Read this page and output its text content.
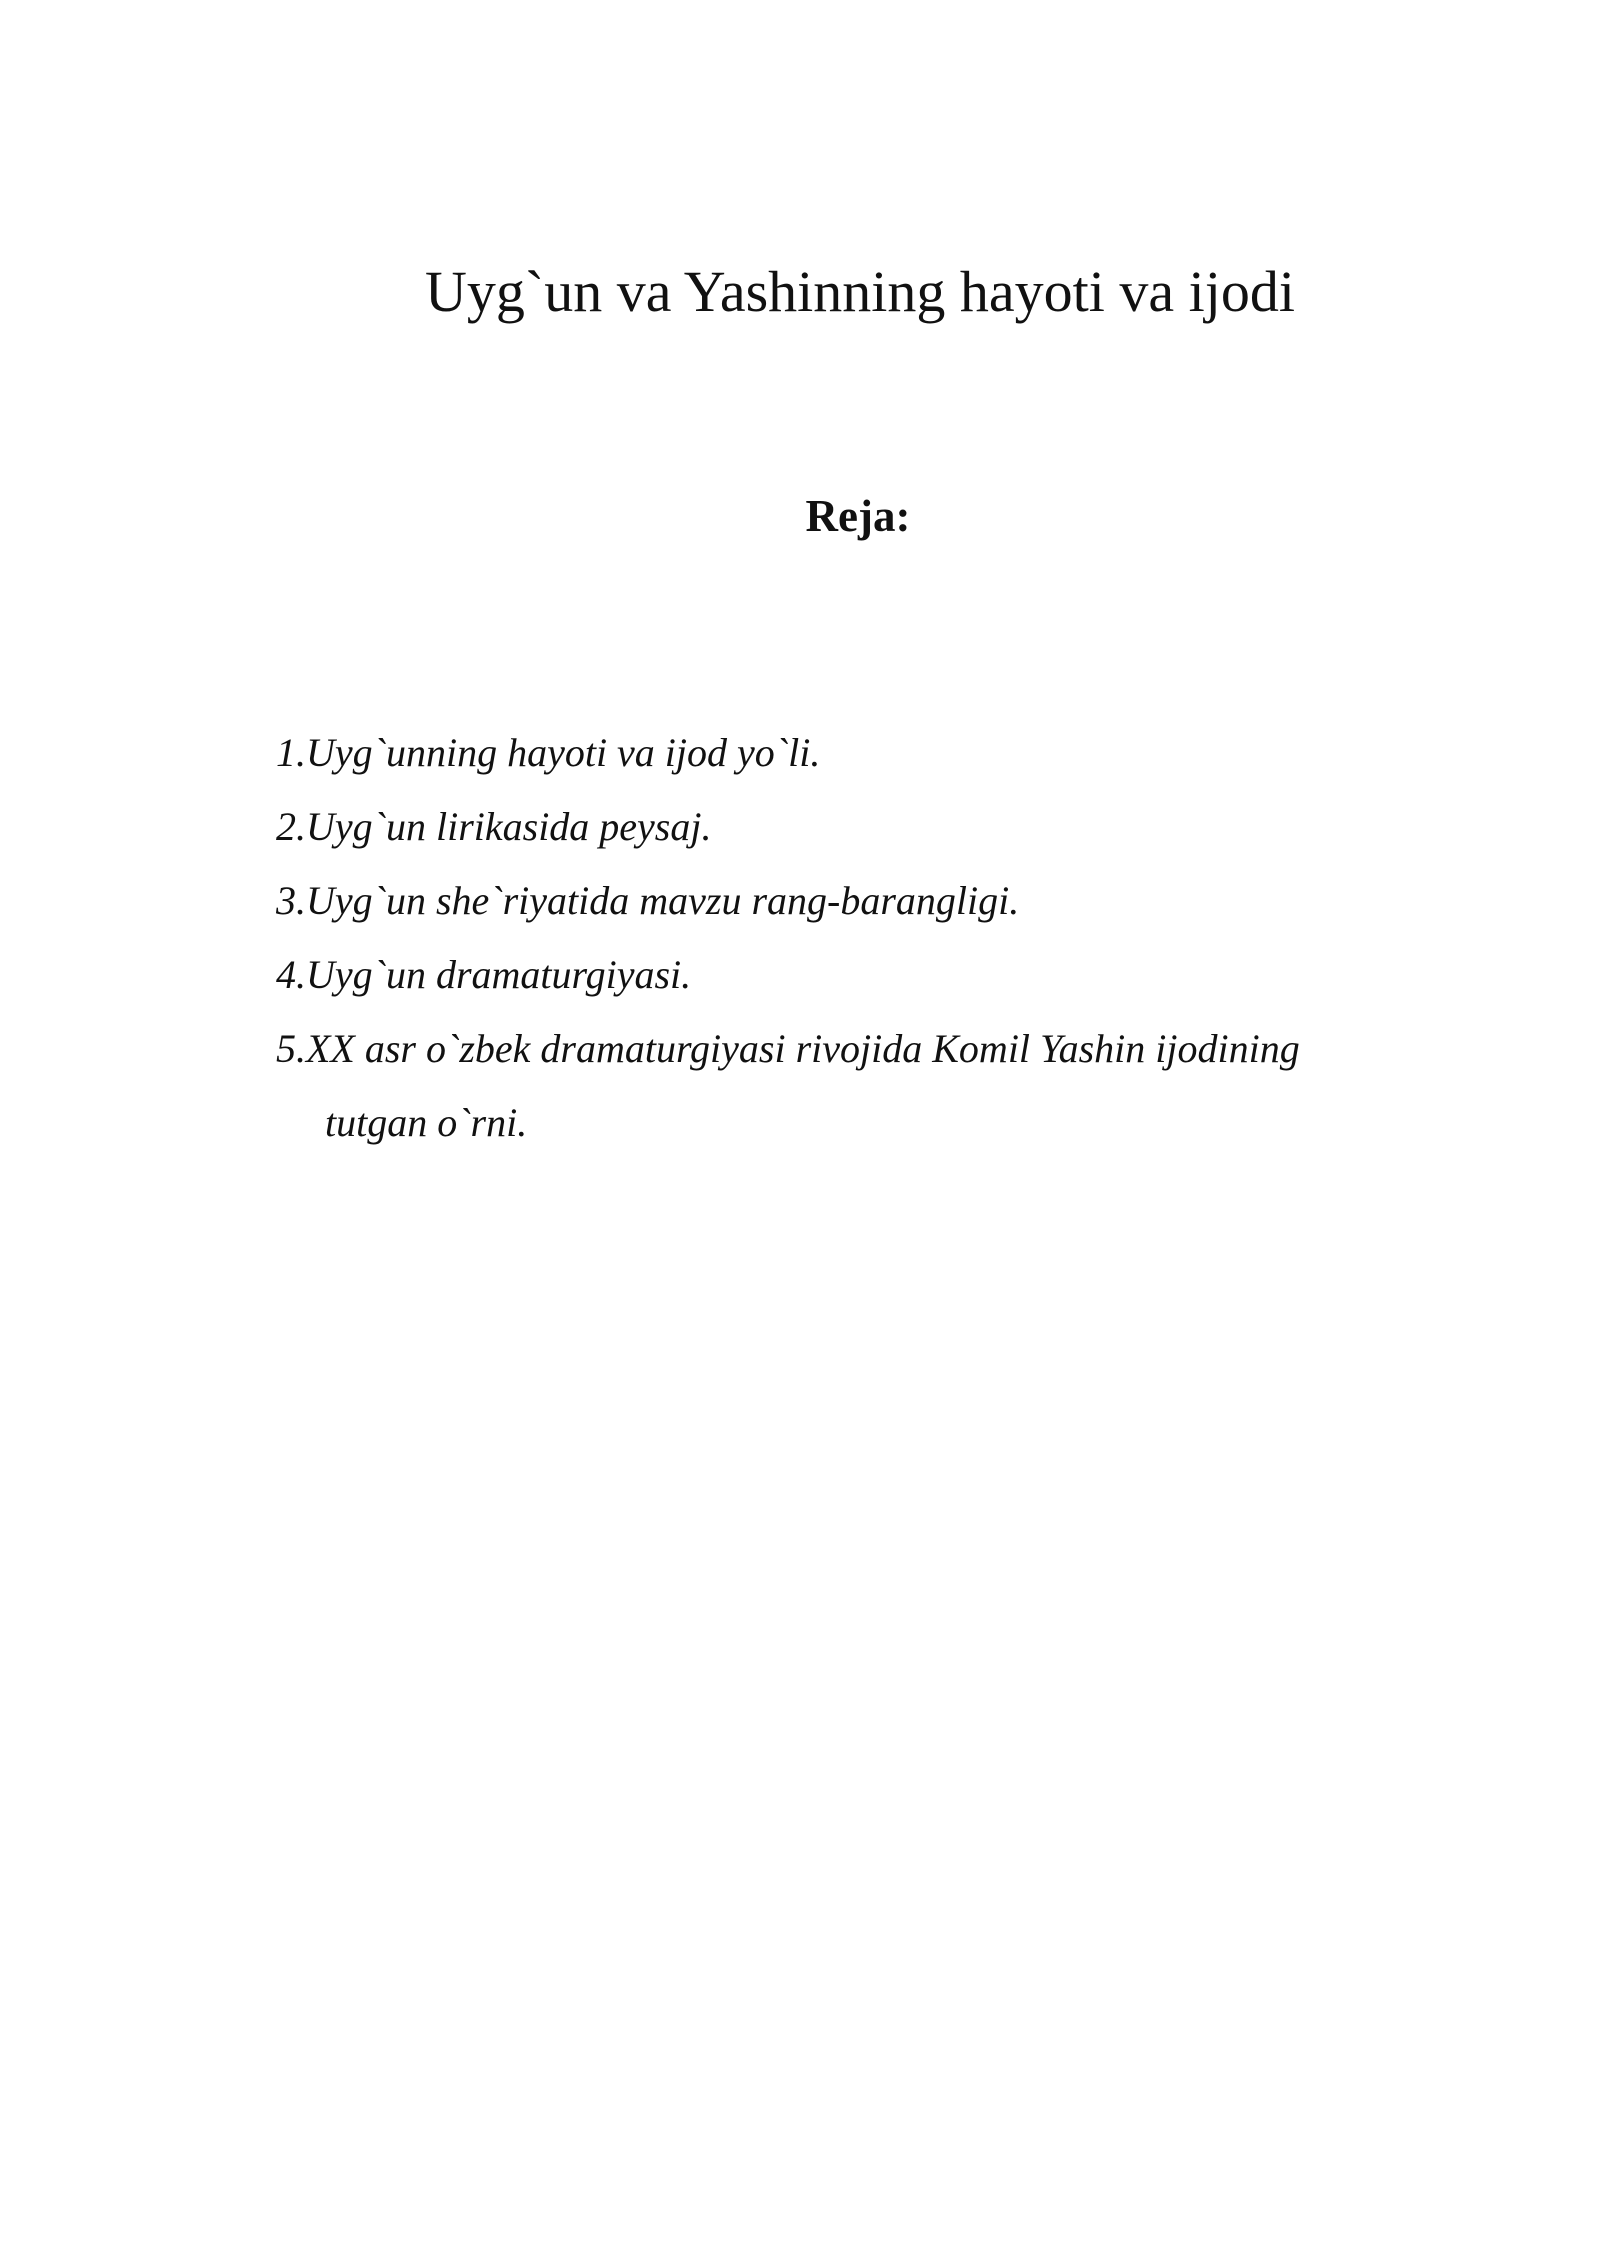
Uyg`un va Yashinning hayoti va ijodi
Reja:
1.Uyg`unning hayoti va ijod yo`li.
2.Uyg`un lirikasida peysaj.
3.Uyg`un she`riyatida mavzu rang-barangligi.
4.Uyg`un dramaturgiyasi.
5.XX asr o`zbek dramaturgiyasi rivojida Komil Yashin ijodining
tutgan o`rni.
